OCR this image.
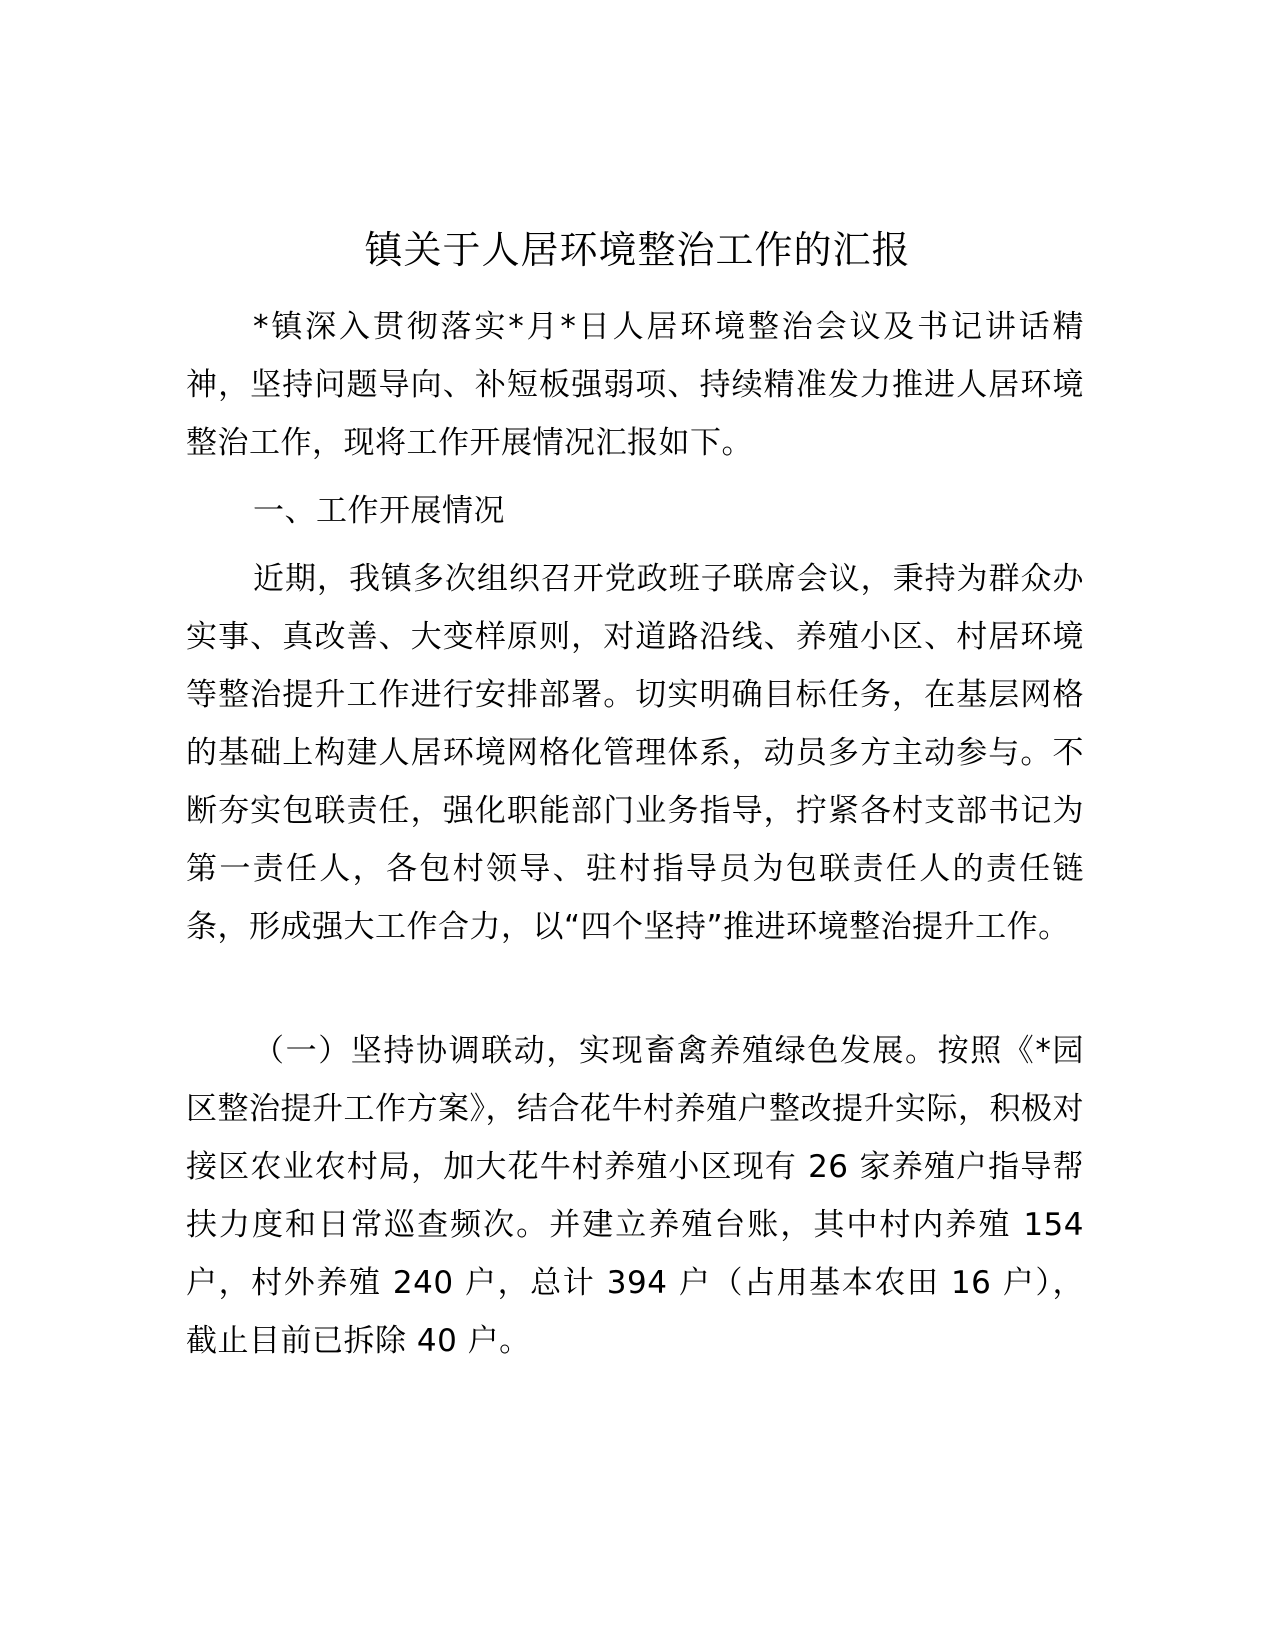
镇关于人居环境整治工作的汇报

*镇深入贯彻落实*月*日人居环境整治会议及书记讲话精神，坚持问题导向、补短板强弱项、持续精准发力推进人居环境整治工作，现将工作开展情况汇报如下。

一、工作开展情况

近期，我镇多次组织召开党政班子联席会议，秉持为群众办实事、真改善、大变样原则，对道路沿线、养殖小区、村居环境等整治提升工作进行安排部署。切实明确目标任务，在基层网格的基础上构建人居环境网格化管理体系，动员多方主动参与。不断夯实包联责任，强化职能部门业务指导，拧紧各村支部书记为第一责任人，各包村领导、驻村指导员为包联责任人的责任链条，形成强大工作合力，以“四个坚持”推进环境整治提升工作。

（一）坚持协调联动，实现畜禽养殖绿色发展。按照《*园区整治提升工作方案》，结合花牛村养殖户整改提升实际，积极对接区农业农村局，加大花牛村养殖小区现有 26 家养殖户指导帮扶力度和日常巡查频次。并建立养殖台账，其中村内养殖 154 户，村外养殖 240 户，总计 394 户（占用基本农田 16 户），截止目前已拆除 40 户。
